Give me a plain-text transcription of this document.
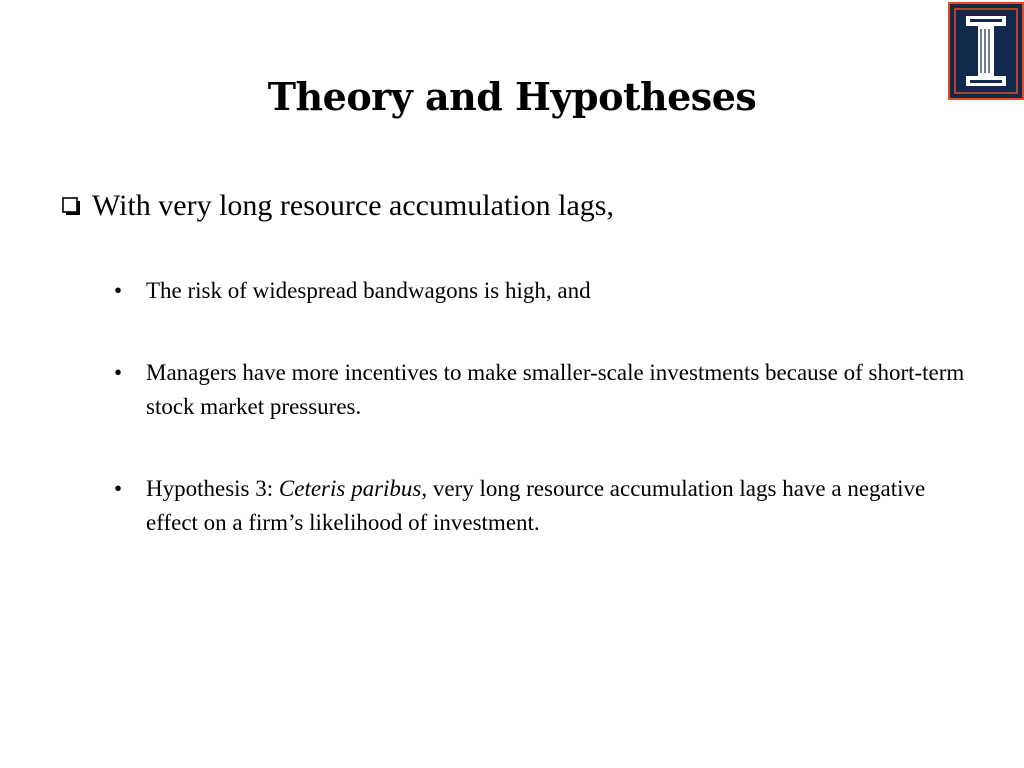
Theory and Hypotheses
With very long resource accumulation lags,
•	The risk of widespread bandwagons is high, and
•	Managers have more incentives to make smaller-scale investments because of short-term stock market pressures.
•	Hypothesis 3: Ceteris paribus, very long resource accumulation lags have a negative effect on a firm’s likelihood of investment.
